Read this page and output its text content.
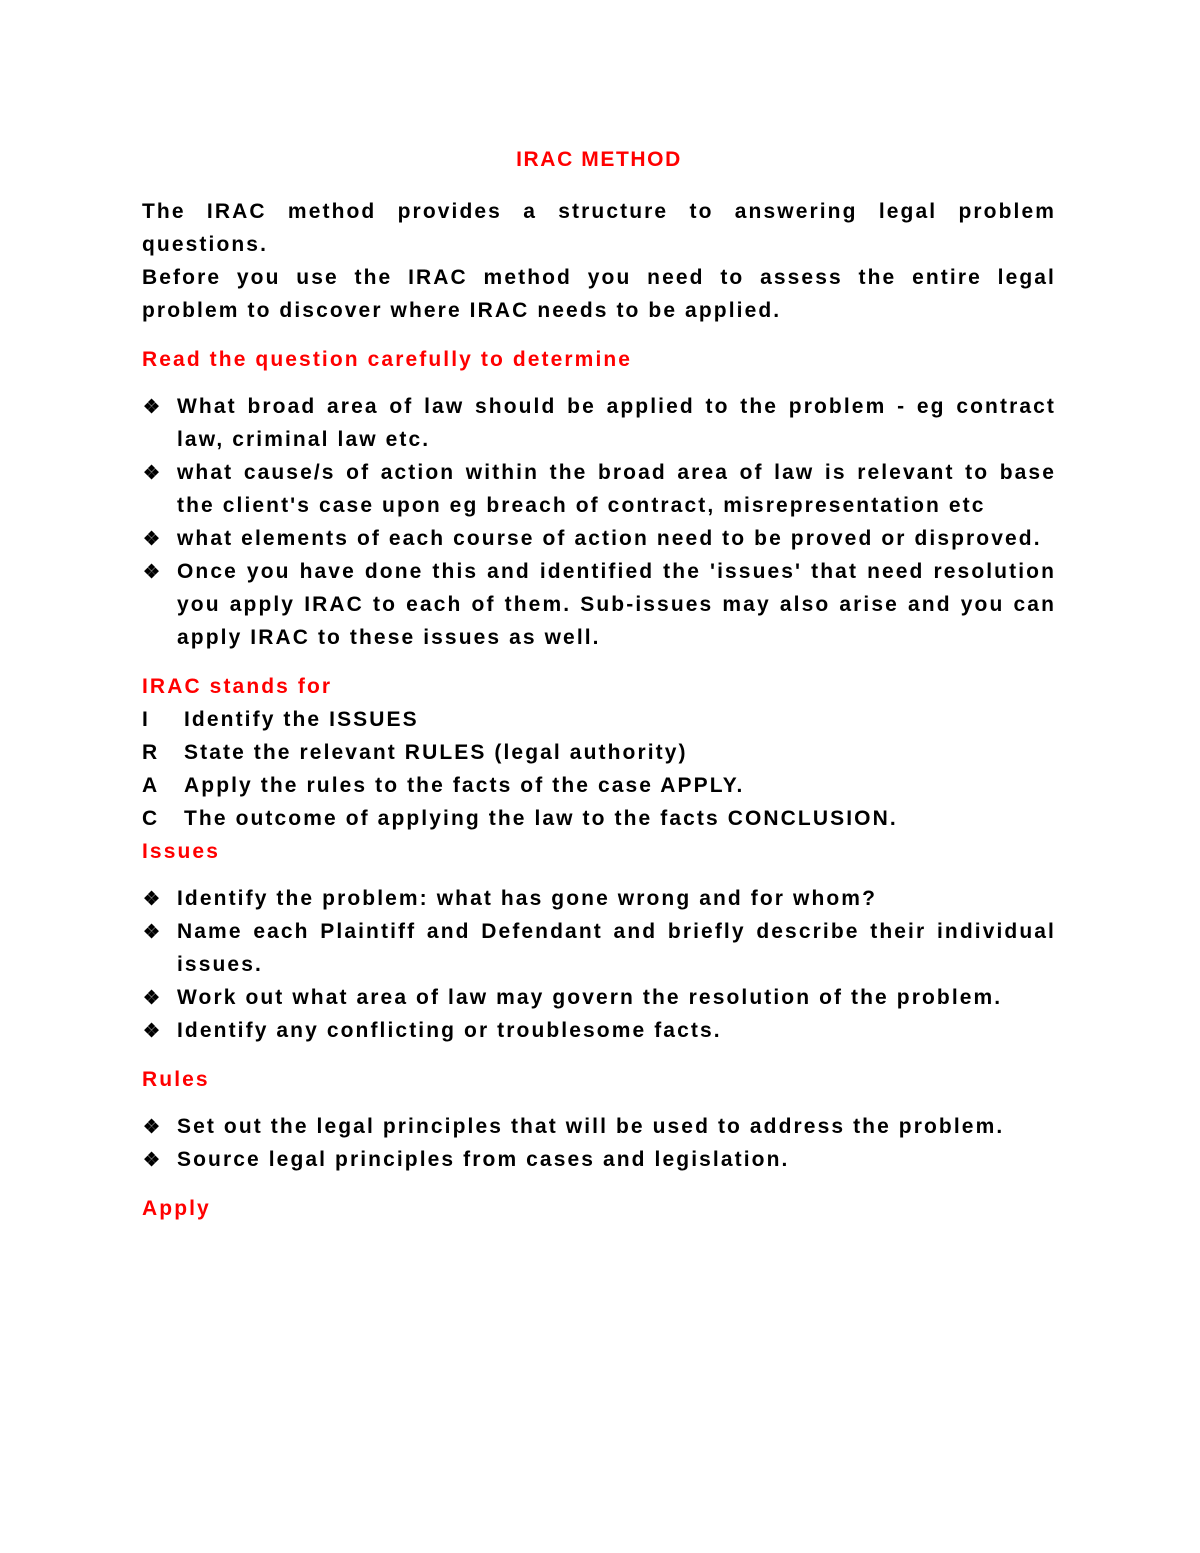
IRAC METHOD

The IRAC method provides a structure to answering legal problem questions.

Before you use the IRAC method you need to assess the entire legal problem to discover where IRAC needs to be applied.

Read the question carefully to determine
❖ What broad area of law should be applied to the problem - eg contract law, criminal law etc.
❖ what cause/s of action within the broad area of law is relevant to base the client's case upon eg breach of contract, misrepresentation etc
❖ what elements of each course of action need to be proved or disproved.
❖ Once you have done this and identified the 'issues' that need resolution you apply IRAC to each of them. Sub-issues may also arise and you can apply IRAC to these issues as well.
IRAC stands for
I	Identify the ISSUES
R	State the relevant RULES (legal authority)
A	Apply the rules to the facts of the case APPLY.
C	The outcome of applying the law to the facts CONCLUSION.
Issues
❖ Identify the problem: what has gone wrong and for whom?
❖ Name each Plaintiff and Defendant and briefly describe their individual issues.
❖ Work out what area of law may govern the resolution of the problem.
❖ Identify any conflicting or troublesome facts.
Rules
❖ Set out the legal principles that will be used to address the problem.
❖ Source legal principles from cases and legislation.
Apply
